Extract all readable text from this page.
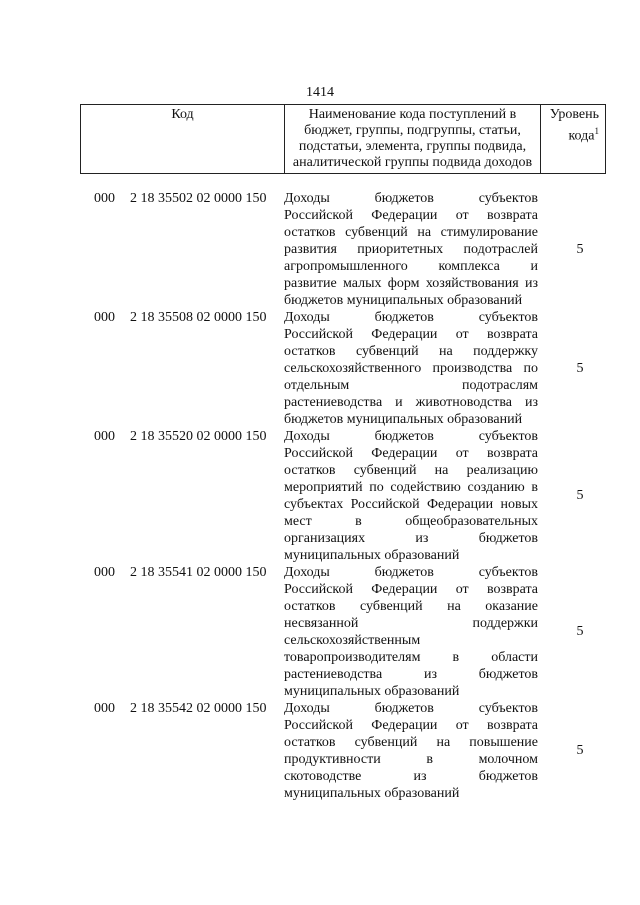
1414
Код	Наименование кода поступлений в
бюджет, группы, подгруппы, статьи,
подстатьи, элемента, группы подвида,
аналитической группы подвида доходов
Уровень
кода$^1$
000 2 18 35502 02 0000 150 Доходы бюджетов субъектов
Российской Федерации от возврата
остатков субвенций на стимулирование
развития приоритетных подотраслей
агропромышленного комплекса и
развитие малых форм хозяйствования из
бюджетов муниципальных образований
5
000 2 18 35508 02 0000 150 Доходы бюджетов субъектов
Российской Федерации от возврата
остатков субвенций на поддержку
сельскохозяйственного производства по
отдельным подотраслям
растениеводства и животноводства из
бюджетов муниципальных образований
5
000 2 18 35520 02 0000 150 Доходы бюджетов субъектов
Российской Федерации от возврата
остатков субвенций на реализацию
мероприятий по содействию созданию в
субъектах Российской Федерации новых
мест в общеобразовательных
организациях из бюджетов
муниципальных образований
5
000 2 18 35541 02 0000 150 Доходы бюджетов субъектов
Российской Федерации от возврата
остатков субвенций на оказание
несвязанной поддержки
сельскохозяйственным
товаропроизводителям в области
растениеводства из бюджетов
муниципальных образований
5
000 2 18 35542 02 0000 150 Доходы бюджетов субъектов
Российской Федерации от возврата
остатков субвенций на повышение
продуктивности в молочном
скотоводстве из бюджетов
муниципальных образований
5
